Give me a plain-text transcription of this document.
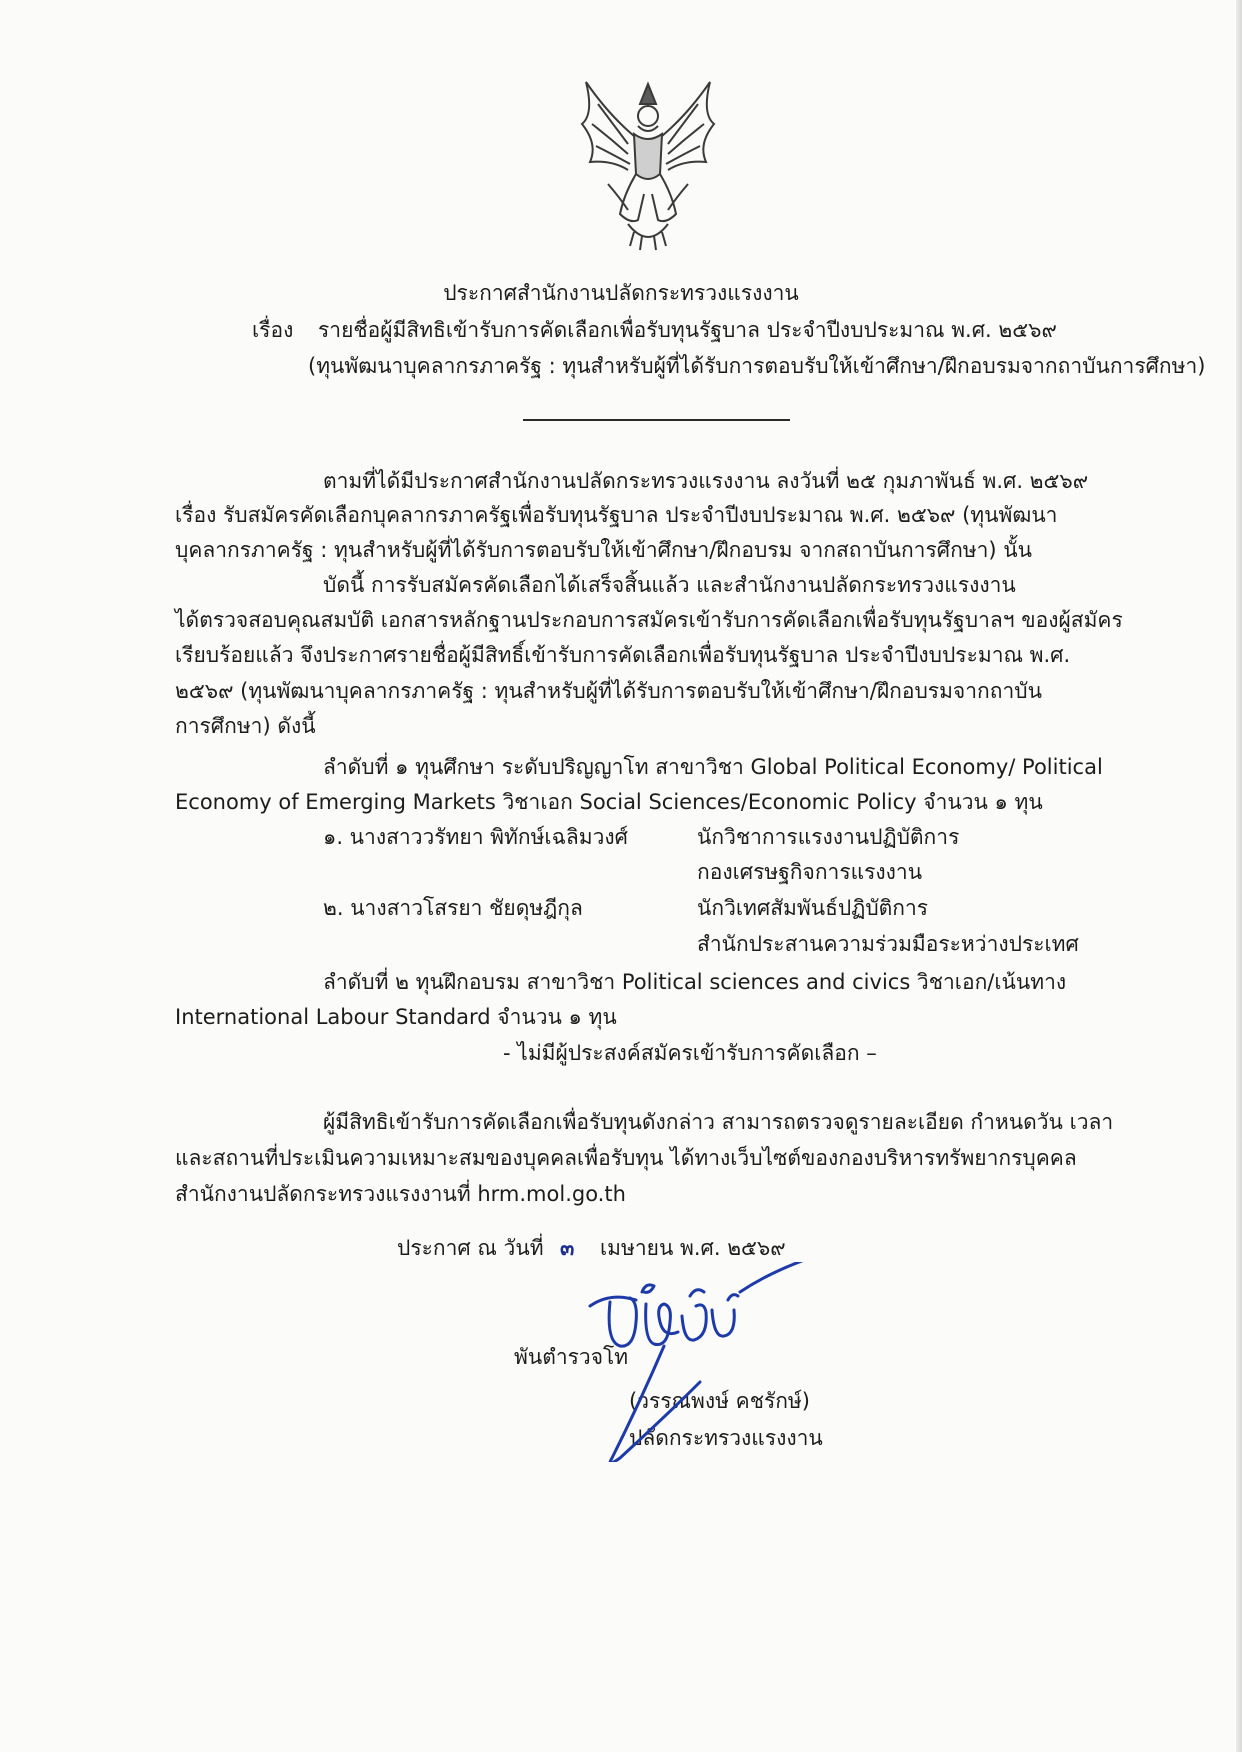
ประกาศสำนักงานปลัดกระทรวงแรงงาน
เรื่อง รายชื่อผู้มีสิทธิเข้ารับการคัดเลือกเพื่อรับทุนรัฐบาล ประจำปีงบประมาณ พ.ศ. ๒๕๖๙
(ทุนพัฒนาบุคลากรภาครัฐ : ทุนสำหรับผู้ที่ได้รับการตอบรับให้เข้าศึกษา/ฝึกอบรมจากถาบันการศึกษา)
ตามที่ได้มีประกาศสำนักงานปลัดกระทรวงแรงงาน ลงวันที่ ๒๕ กุมภาพันธ์ พ.ศ. ๒๕๖๙
เรื่อง รับสมัครคัดเลือกบุคลากรภาครัฐเพื่อรับทุนรัฐบาล ประจำปีงบประมาณ พ.ศ. ๒๕๖๙ (ทุนพัฒนา
บุคลากรภาครัฐ : ทุนสำหรับผู้ที่ได้รับการตอบรับให้เข้าศึกษา/ฝึกอบรม จากสถาบันการศึกษา) นั้น
บัดนี้ การรับสมัครคัดเลือกได้เสร็จสิ้นแล้ว และสำนักงานปลัดกระทรวงแรงงาน
ได้ตรวจสอบคุณสมบัติ เอกสารหลักฐานประกอบการสมัครเข้ารับการคัดเลือกเพื่อรับทุนรัฐบาลฯ ของผู้สมัคร
เรียบร้อยแล้ว จึงประกาศรายชื่อผู้มีสิทธิ์เข้ารับการคัดเลือกเพื่อรับทุนรัฐบาล ประจำปีงบประมาณ พ.ศ.
๒๕๖๙ (ทุนพัฒนาบุคลากรภาครัฐ : ทุนสำหรับผู้ที่ได้รับการตอบรับให้เข้าศึกษา/ฝึกอบรมจากถาบัน
การศึกษา) ดังนี้
ลำดับที่ ๑ ทุนศึกษา ระดับปริญญาโท สาขาวิชา Global Political Economy/ Political
Economy of Emerging Markets วิชาเอก Social Sciences/Economic Policy จำนวน ๑ ทุน
๑. นางสาววรัทยา พิทักษ์เฉลิมวงศ์	นักวิชาการแรงงานปฏิบัติการ
กองเศรษฐกิจการแรงงาน
๒. นางสาวโสรยา ชัยดุษฎีกุล	นักวิเทศสัมพันธ์ปฏิบัติการ
สำนักประสานความร่วมมือระหว่างประเทศ
ลำดับที่ ๒ ทุนฝึกอบรม สาขาวิชา Political sciences and civics วิชาเอก/เน้นทาง
International Labour Standard จำนวน ๑ ทุน
- ไม่มีผู้ประสงค์สมัครเข้ารับการคัดเลือก –
ผู้มีสิทธิเข้ารับการคัดเลือกเพื่อรับทุนดังกล่าว สามารถตรวจดูรายละเอียด กำหนดวัน เวลา
และสถานที่ประเมินความเหมาะสมของบุคคลเพื่อรับทุน ได้ทางเว็บไซต์ของกองบริหารทรัพยากรบุคคล
สำนักงานปลัดกระทรวงแรงงานที่ hrm.mol.go.th
ประกาศ ณ วันที่ ๓ เมษายน พ.ศ. ๒๕๖๙
พันตำรวจโท
(วรรณพงษ์ คชรักษ์)
ปลัดกระทรวงแรงงาน
